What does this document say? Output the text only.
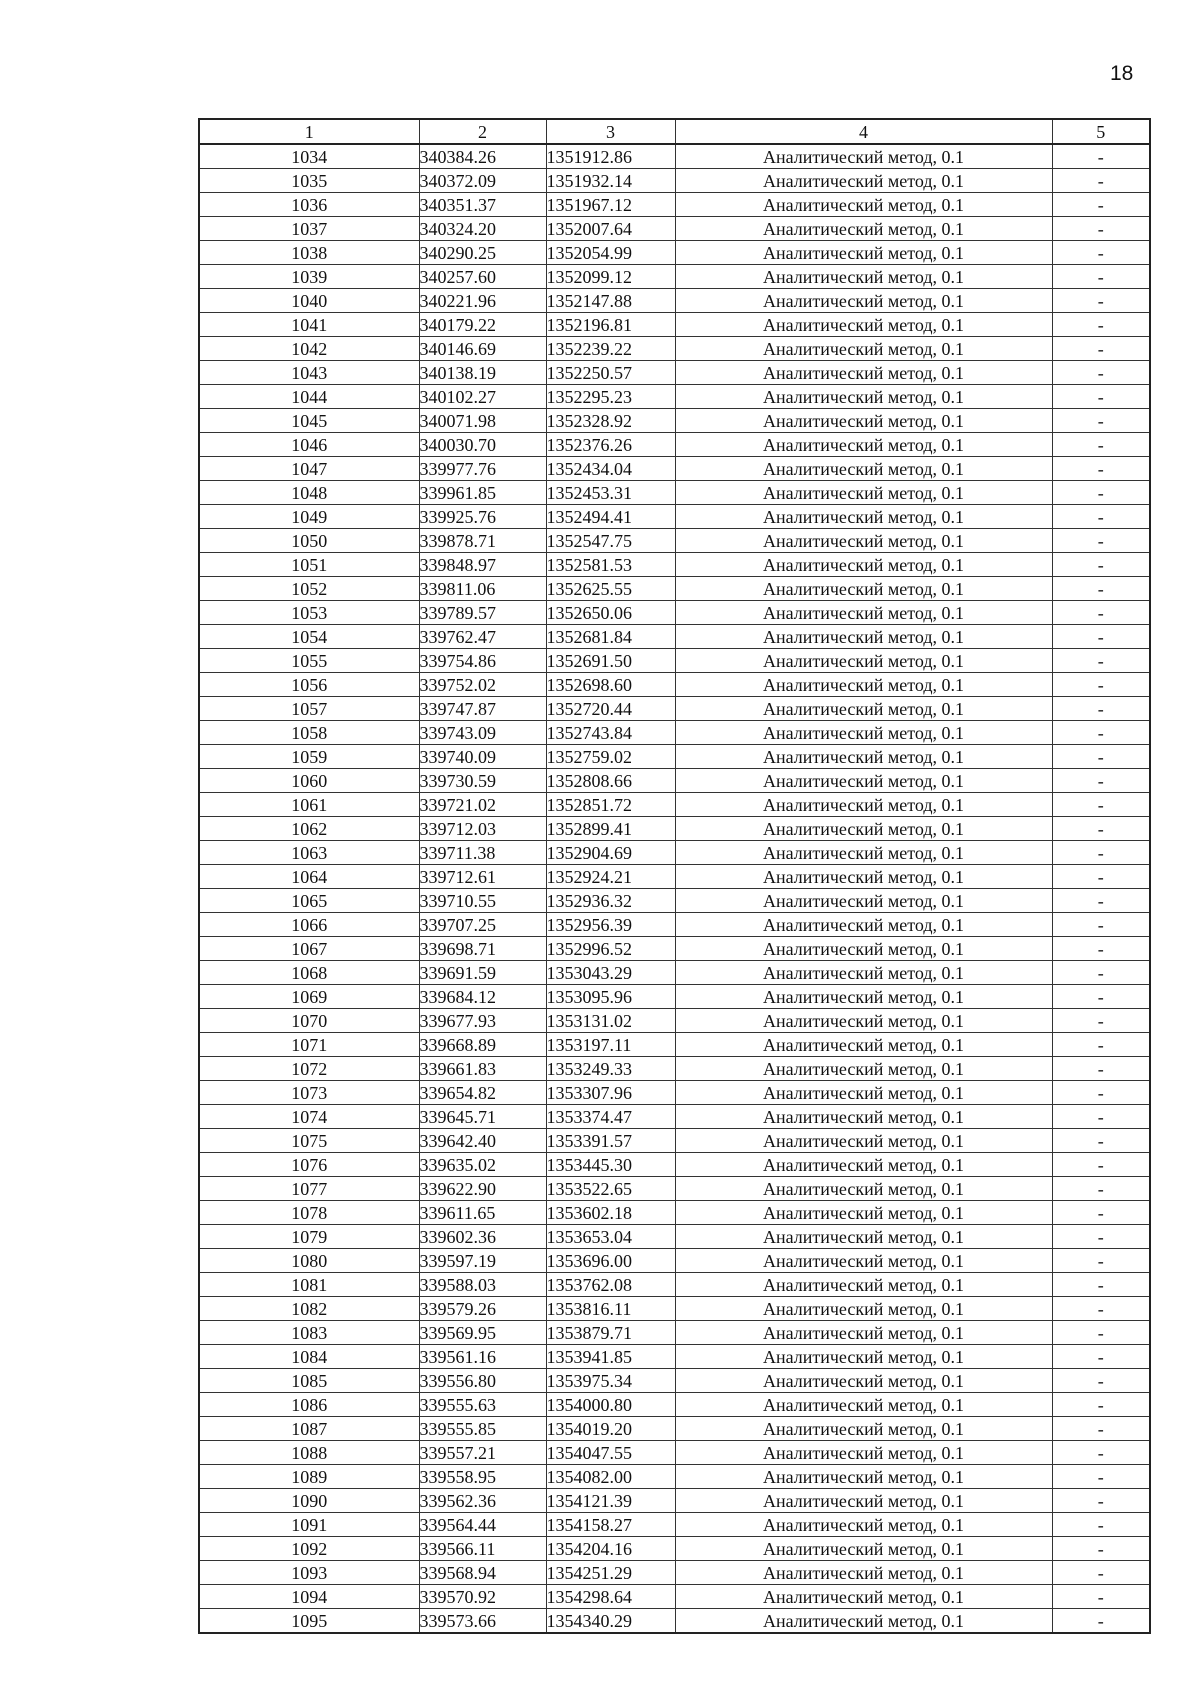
18
1	2	3	4	5
1034	340384.26	1351912.86	Аналитический метод, 0.1	-
1035	340372.09	1351932.14	Аналитический метод, 0.1	-
1036	340351.37	1351967.12	Аналитический метод, 0.1	-
1037	340324.20	1352007.64	Аналитический метод, 0.1	-
1038	340290.25	1352054.99	Аналитический метод, 0.1	-
1039	340257.60	1352099.12	Аналитический метод, 0.1	-
1040	340221.96	1352147.88	Аналитический метод, 0.1	-
1041	340179.22	1352196.81	Аналитический метод, 0.1	-
1042	340146.69	1352239.22	Аналитический метод, 0.1	-
1043	340138.19	1352250.57	Аналитический метод, 0.1	-
1044	340102.27	1352295.23	Аналитический метод, 0.1	-
1045	340071.98	1352328.92	Аналитический метод, 0.1	-
1046	340030.70	1352376.26	Аналитический метод, 0.1	-
1047	339977.76	1352434.04	Аналитический метод, 0.1	-
1048	339961.85	1352453.31	Аналитический метод, 0.1	-
1049	339925.76	1352494.41	Аналитический метод, 0.1	-
1050	339878.71	1352547.75	Аналитический метод, 0.1	-
1051	339848.97	1352581.53	Аналитический метод, 0.1	-
1052	339811.06	1352625.55	Аналитический метод, 0.1	-
1053	339789.57	1352650.06	Аналитический метод, 0.1	-
1054	339762.47	1352681.84	Аналитический метод, 0.1	-
1055	339754.86	1352691.50	Аналитический метод, 0.1	-
1056	339752.02	1352698.60	Аналитический метод, 0.1	-
1057	339747.87	1352720.44	Аналитический метод, 0.1	-
1058	339743.09	1352743.84	Аналитический метод, 0.1	-
1059	339740.09	1352759.02	Аналитический метод, 0.1	-
1060	339730.59	1352808.66	Аналитический метод, 0.1	-
1061	339721.02	1352851.72	Аналитический метод, 0.1	-
1062	339712.03	1352899.41	Аналитический метод, 0.1	-
1063	339711.38	1352904.69	Аналитический метод, 0.1	-
1064	339712.61	1352924.21	Аналитический метод, 0.1	-
1065	339710.55	1352936.32	Аналитический метод, 0.1	-
1066	339707.25	1352956.39	Аналитический метод, 0.1	-
1067	339698.71	1352996.52	Аналитический метод, 0.1	-
1068	339691.59	1353043.29	Аналитический метод, 0.1	-
1069	339684.12	1353095.96	Аналитический метод, 0.1	-
1070	339677.93	1353131.02	Аналитический метод, 0.1	-
1071	339668.89	1353197.11	Аналитический метод, 0.1	-
1072	339661.83	1353249.33	Аналитический метод, 0.1	-
1073	339654.82	1353307.96	Аналитический метод, 0.1	-
1074	339645.71	1353374.47	Аналитический метод, 0.1	-
1075	339642.40	1353391.57	Аналитический метод, 0.1	-
1076	339635.02	1353445.30	Аналитический метод, 0.1	-
1077	339622.90	1353522.65	Аналитический метод, 0.1	-
1078	339611.65	1353602.18	Аналитический метод, 0.1	-
1079	339602.36	1353653.04	Аналитический метод, 0.1	-
1080	339597.19	1353696.00	Аналитический метод, 0.1	-
1081	339588.03	1353762.08	Аналитический метод, 0.1	-
1082	339579.26	1353816.11	Аналитический метод, 0.1	-
1083	339569.95	1353879.71	Аналитический метод, 0.1	-
1084	339561.16	1353941.85	Аналитический метод, 0.1	-
1085	339556.80	1353975.34	Аналитический метод, 0.1	-
1086	339555.63	1354000.80	Аналитический метод, 0.1	-
1087	339555.85	1354019.20	Аналитический метод, 0.1	-
1088	339557.21	1354047.55	Аналитический метод, 0.1	-
1089	339558.95	1354082.00	Аналитический метод, 0.1	-
1090	339562.36	1354121.39	Аналитический метод, 0.1	-
1091	339564.44	1354158.27	Аналитический метод, 0.1	-
1092	339566.11	1354204.16	Аналитический метод, 0.1	-
1093	339568.94	1354251.29	Аналитический метод, 0.1	-
1094	339570.92	1354298.64	Аналитический метод, 0.1	-
1095	339573.66	1354340.29	Аналитический метод, 0.1	-
